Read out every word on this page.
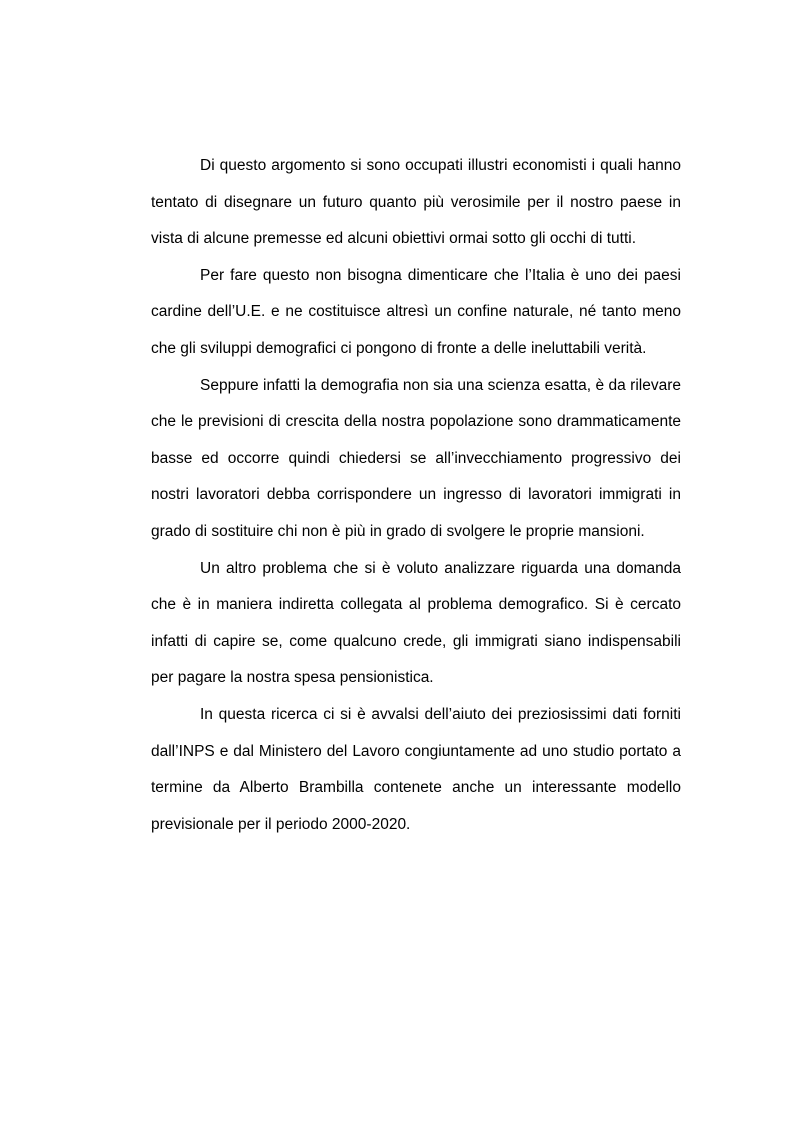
Di questo argomento si sono occupati illustri economisti i quali hanno tentato di disegnare un futuro quanto più verosimile per il nostro paese in vista di alcune premesse ed alcuni obiettivi ormai sotto gli occhi di tutti.

Per fare questo non bisogna dimenticare che l’Italia è uno dei paesi cardine dell’U.E. e ne costituisce altresì un confine naturale, né tanto meno che gli sviluppi demografici ci pongono di fronte a delle ineluttabili verità.

Seppure infatti la demografia non sia una scienza esatta, è da rilevare che le previsioni di crescita della nostra popolazione sono drammaticamente basse ed occorre quindi chiedersi se all’invecchiamento progressivo dei nostri lavoratori debba corrispondere un ingresso di lavoratori immigrati in grado di sostituire chi non è più in grado di svolgere le proprie mansioni.

Un altro problema che si è voluto analizzare riguarda una domanda che è in maniera indiretta collegata al problema demografico. Si è cercato infatti di capire se, come qualcuno crede, gli immigrati siano indispensabili per pagare la nostra spesa pensionistica.

In questa ricerca ci si è avvalsi dell’aiuto dei preziosissimi dati forniti dall’INPS e dal Ministero del Lavoro congiuntamente ad uno studio portato a termine da Alberto Brambilla contenete anche un interessante modello previsionale per il periodo 2000-2020.
